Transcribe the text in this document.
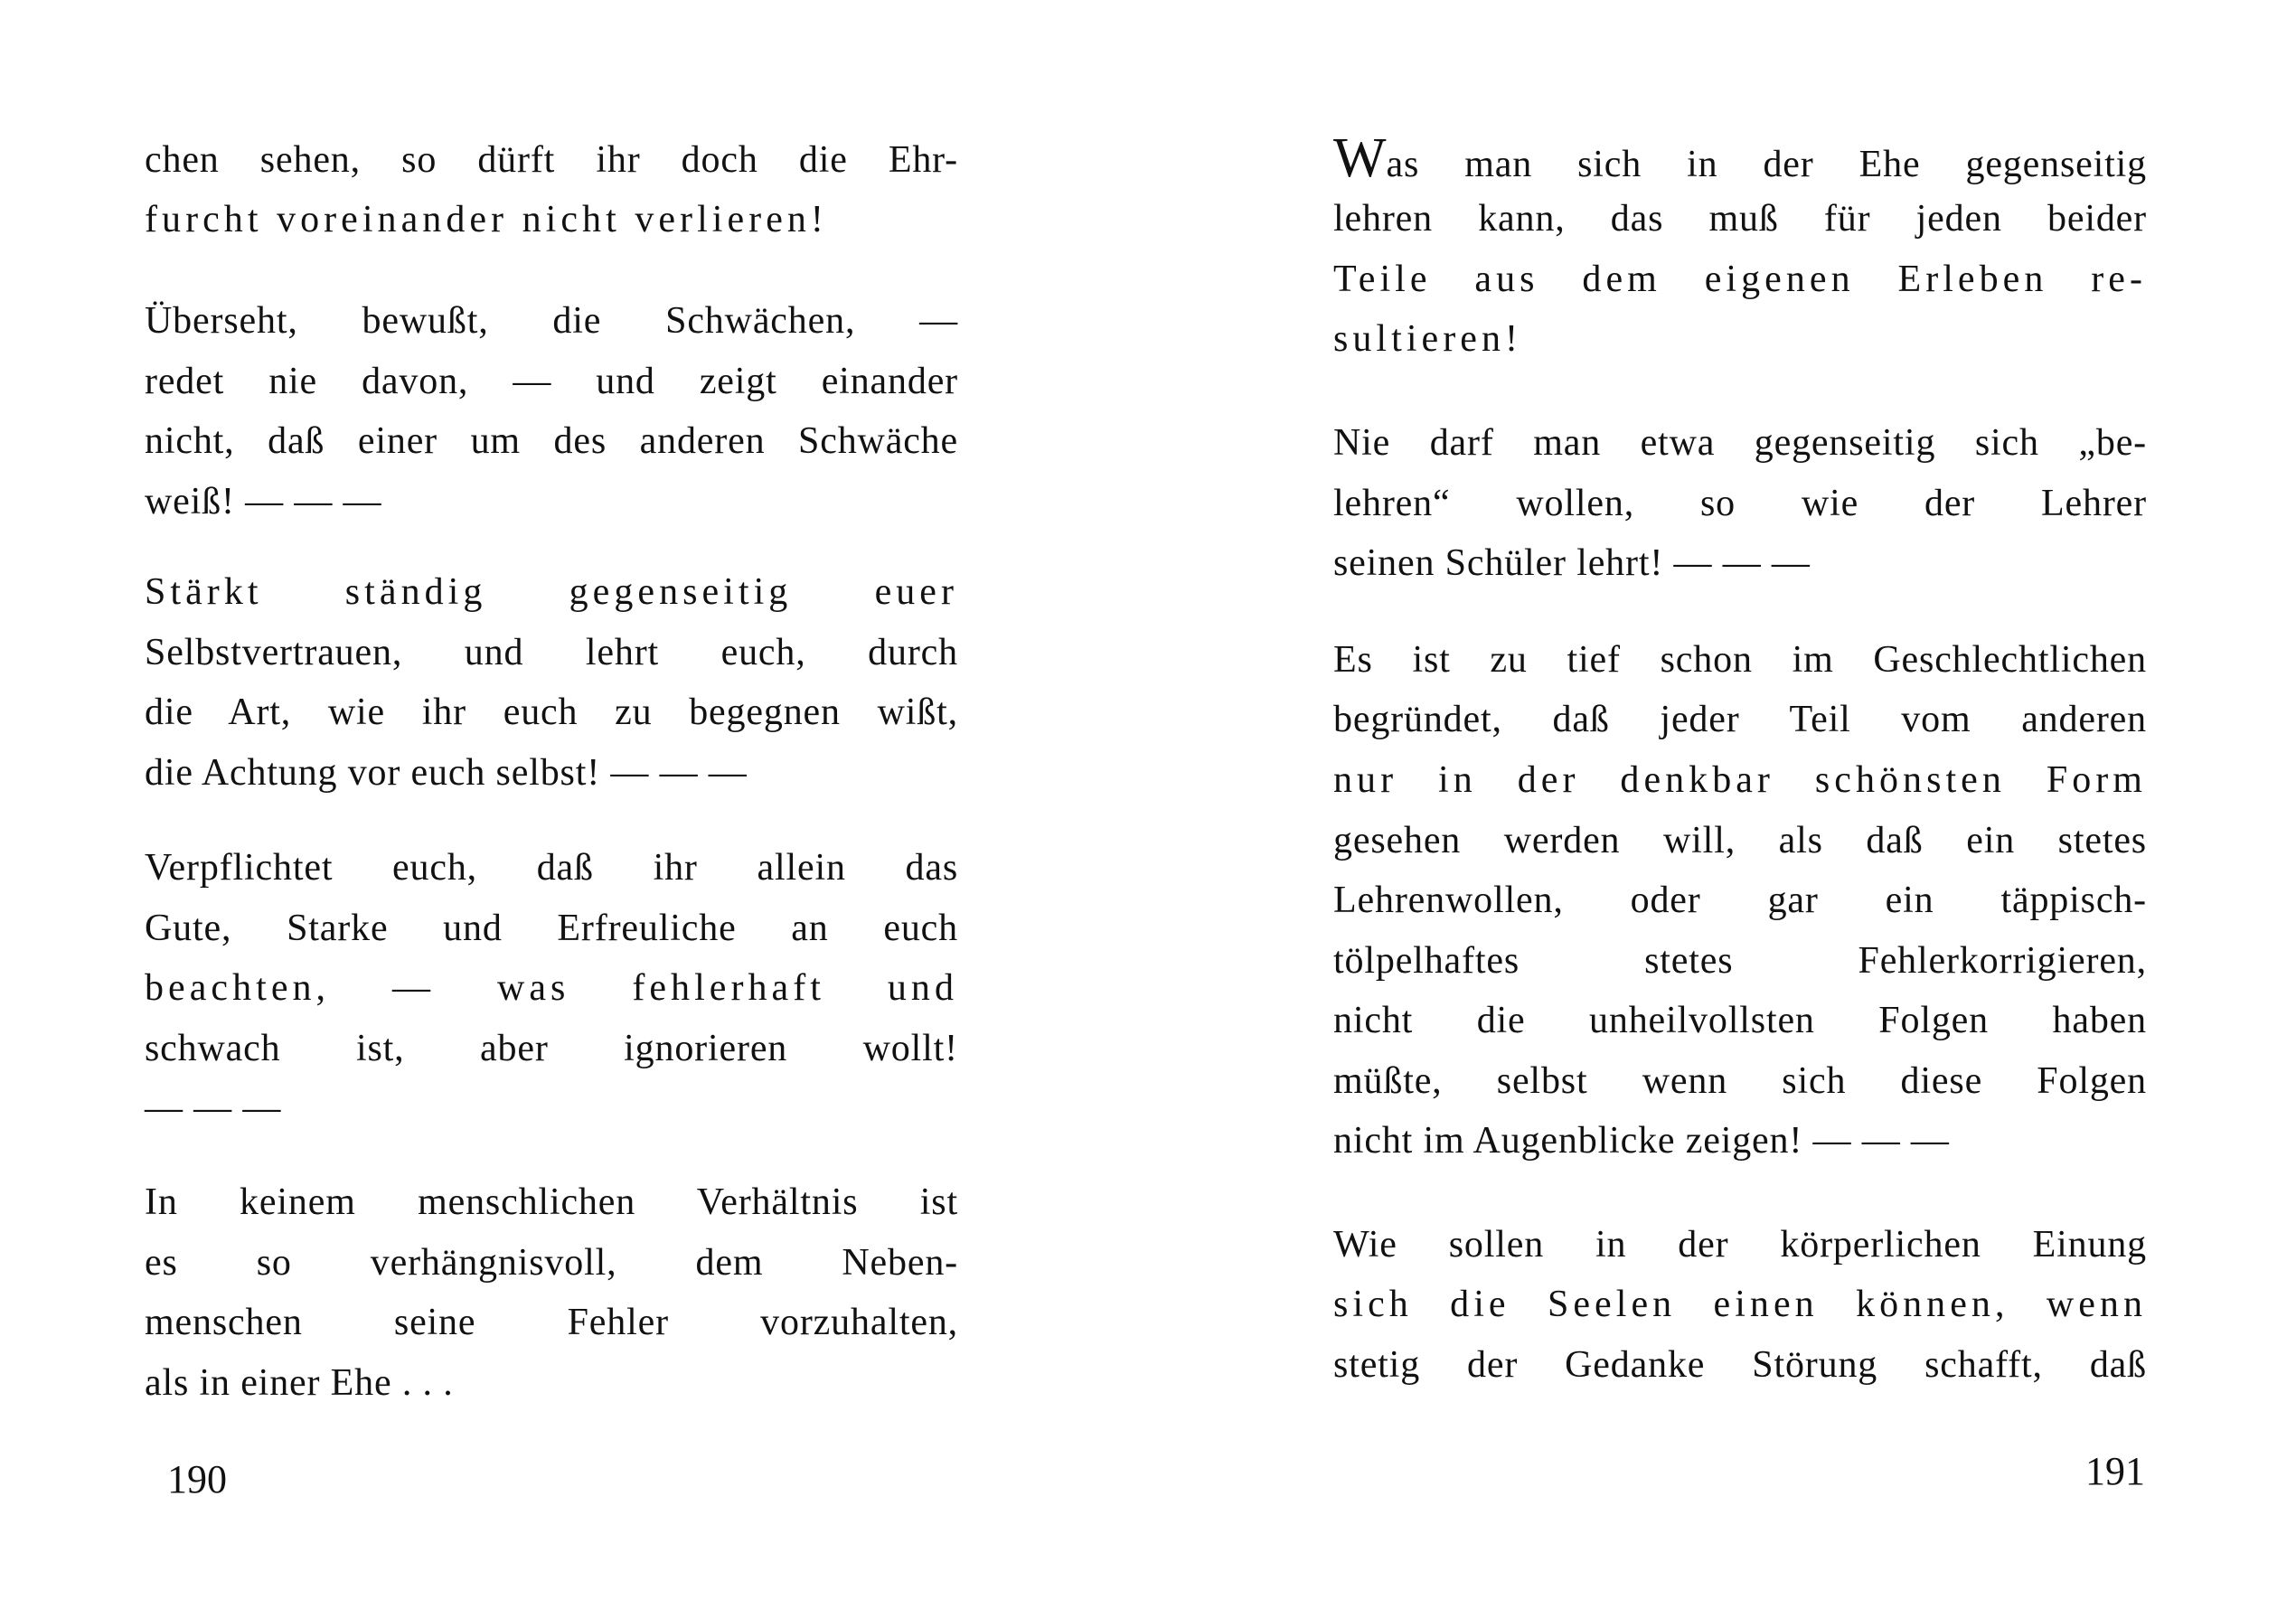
chen sehen, so dürft ihr doch die Ehr-
furcht voreinander nicht verlieren!
Überseht, bewußt, die Schwächen, —
redet nie davon, — und zeigt einander
nicht, daß einer um des anderen Schwäche
weiß! — — —
Stärkt ständig gegenseitig euer
Selbstvertrauen, und lehrt euch, durch
die Art, wie ihr euch zu begegnen wißt,
die Achtung vor euch selbst! — — —
Verpflichtet euch, daß ihr allein das
Gute, Starke und Erfreuliche an euch
beachten, — was fehlerhaft und
schwach ist, aber ignorieren wollt!
— — —
In keinem menschlichen Verhältnis ist
es so verhängnisvoll, dem Neben-
menschen seine Fehler vorzuhalten,
als in einer Ehe . . .
190
Was man sich in der Ehe gegenseitig
lehren kann, das muß für jeden beider
Teile aus dem eigenen Erleben re-
sultieren!
Nie darf man etwa gegenseitig sich „be-
lehren“ wollen, so wie der Lehrer
seinen Schüler lehrt! — — —
Es ist zu tief schon im Geschlechtlichen
begründet, daß jeder Teil vom anderen
nur in der denkbar schönsten Form
gesehen werden will, als daß ein stetes
Lehrenwollen, oder gar ein täppisch-
tölpelhaftes stetes Fehlerkorrigieren,
nicht die unheilvollsten Folgen haben
müßte, selbst wenn sich diese Folgen
nicht im Augenblicke zeigen! — — —
Wie sollen in der körperlichen Einung
sich die Seelen einen können, wenn
stetig der Gedanke Störung schafft, daß
191
